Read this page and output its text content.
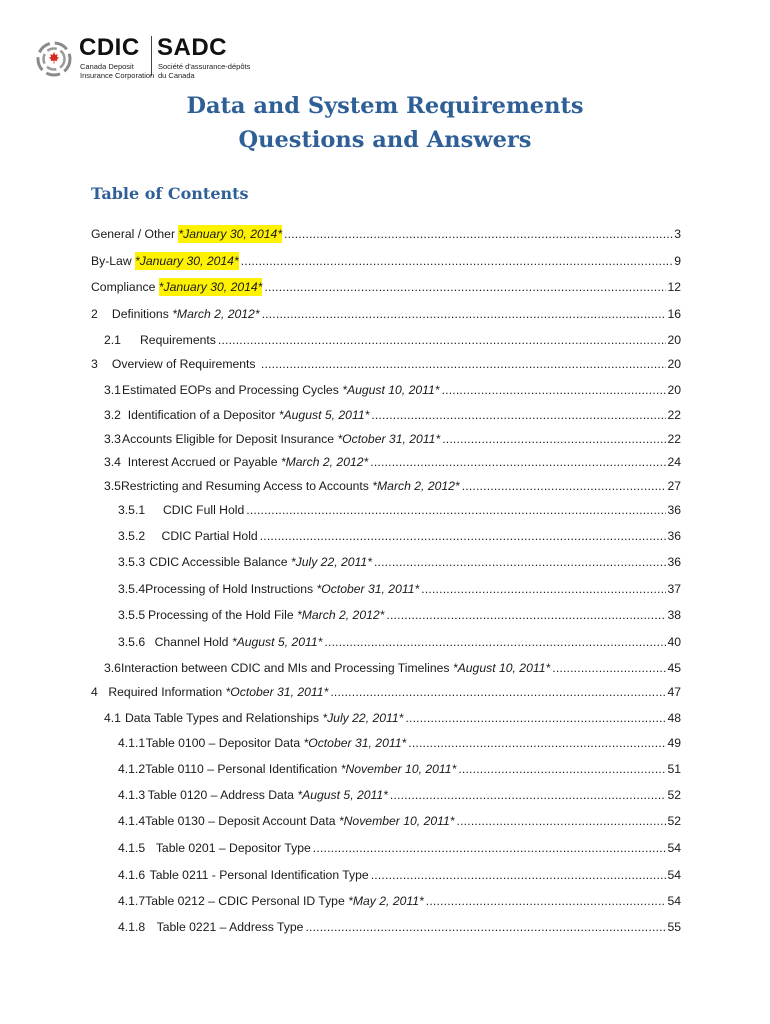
CDIC SADC
Canada Deposit
Insurance Corporation
Société d'assurance-dépôts
du Canada
Data and System Requirements
Questions and Answers
Table of Contents
General / Other *January 30, 2014* . . .	3
By-Law *January 30, 2014* . . .	9
Compliance *January 30, 2014* . . .	12
2	Definitions *March 2, 2012* . . .	16
2.1	Requirements . . .	20
3	Overview of Requirements . . .	20
3.1 Estimated EOPs and Processing Cycles *August 10, 2011* . . .	20
3.2 Identification of a Depositor *August 5, 2011* . . .	22
3.3 Accounts Eligible for Deposit Insurance *October 31, 2011* . . .	22
3.4 Interest Accrued or Payable *March 2, 2012* . . .	24
3.5 Restricting and Resuming Access to Accounts *March 2, 2012* . . .	27
3.5.1	CDIC Full Hold . . .	36
3.5.2	CDIC Partial Hold . . .	36
3.5.3 CDIC Accessible Balance *July 22, 2011* . . .	36
3.5.4 Processing of Hold Instructions *October 31, 2011* . . .	37
3.5.5 Processing of the Hold File *March 2, 2012* . . .	38
3.5.6 Channel Hold *August 5, 2011* . . .	40
3.6 Interaction between CDIC and MIs and Processing Timelines *August 10, 2011* . . .	45
4 Required Information *October 31, 2011* . . .	47
4.1 Data Table Types and Relationships *July 22, 2011* . . .	48
4.1.1 Table 0100 – Depositor Data *October 31, 2011* . . .	49
4.1.2 Table 0110 – Personal Identification *November 10, 2011* . . .	51
4.1.3 Table 0120 – Address Data *August 5, 2011* . . .	52
4.1.4 Table 0130 – Deposit Account Data *November 10, 2011* . . .	52
4.1.5 Table 0201 – Depositor Type . . .	54
4.1.6 Table 0211 - Personal Identification Type . . .	54
4.1.7 Table 0212 – CDIC Personal ID Type *May 2, 2011* . . .	54
4.1.8 Table 0221 – Address Type . . .	55
